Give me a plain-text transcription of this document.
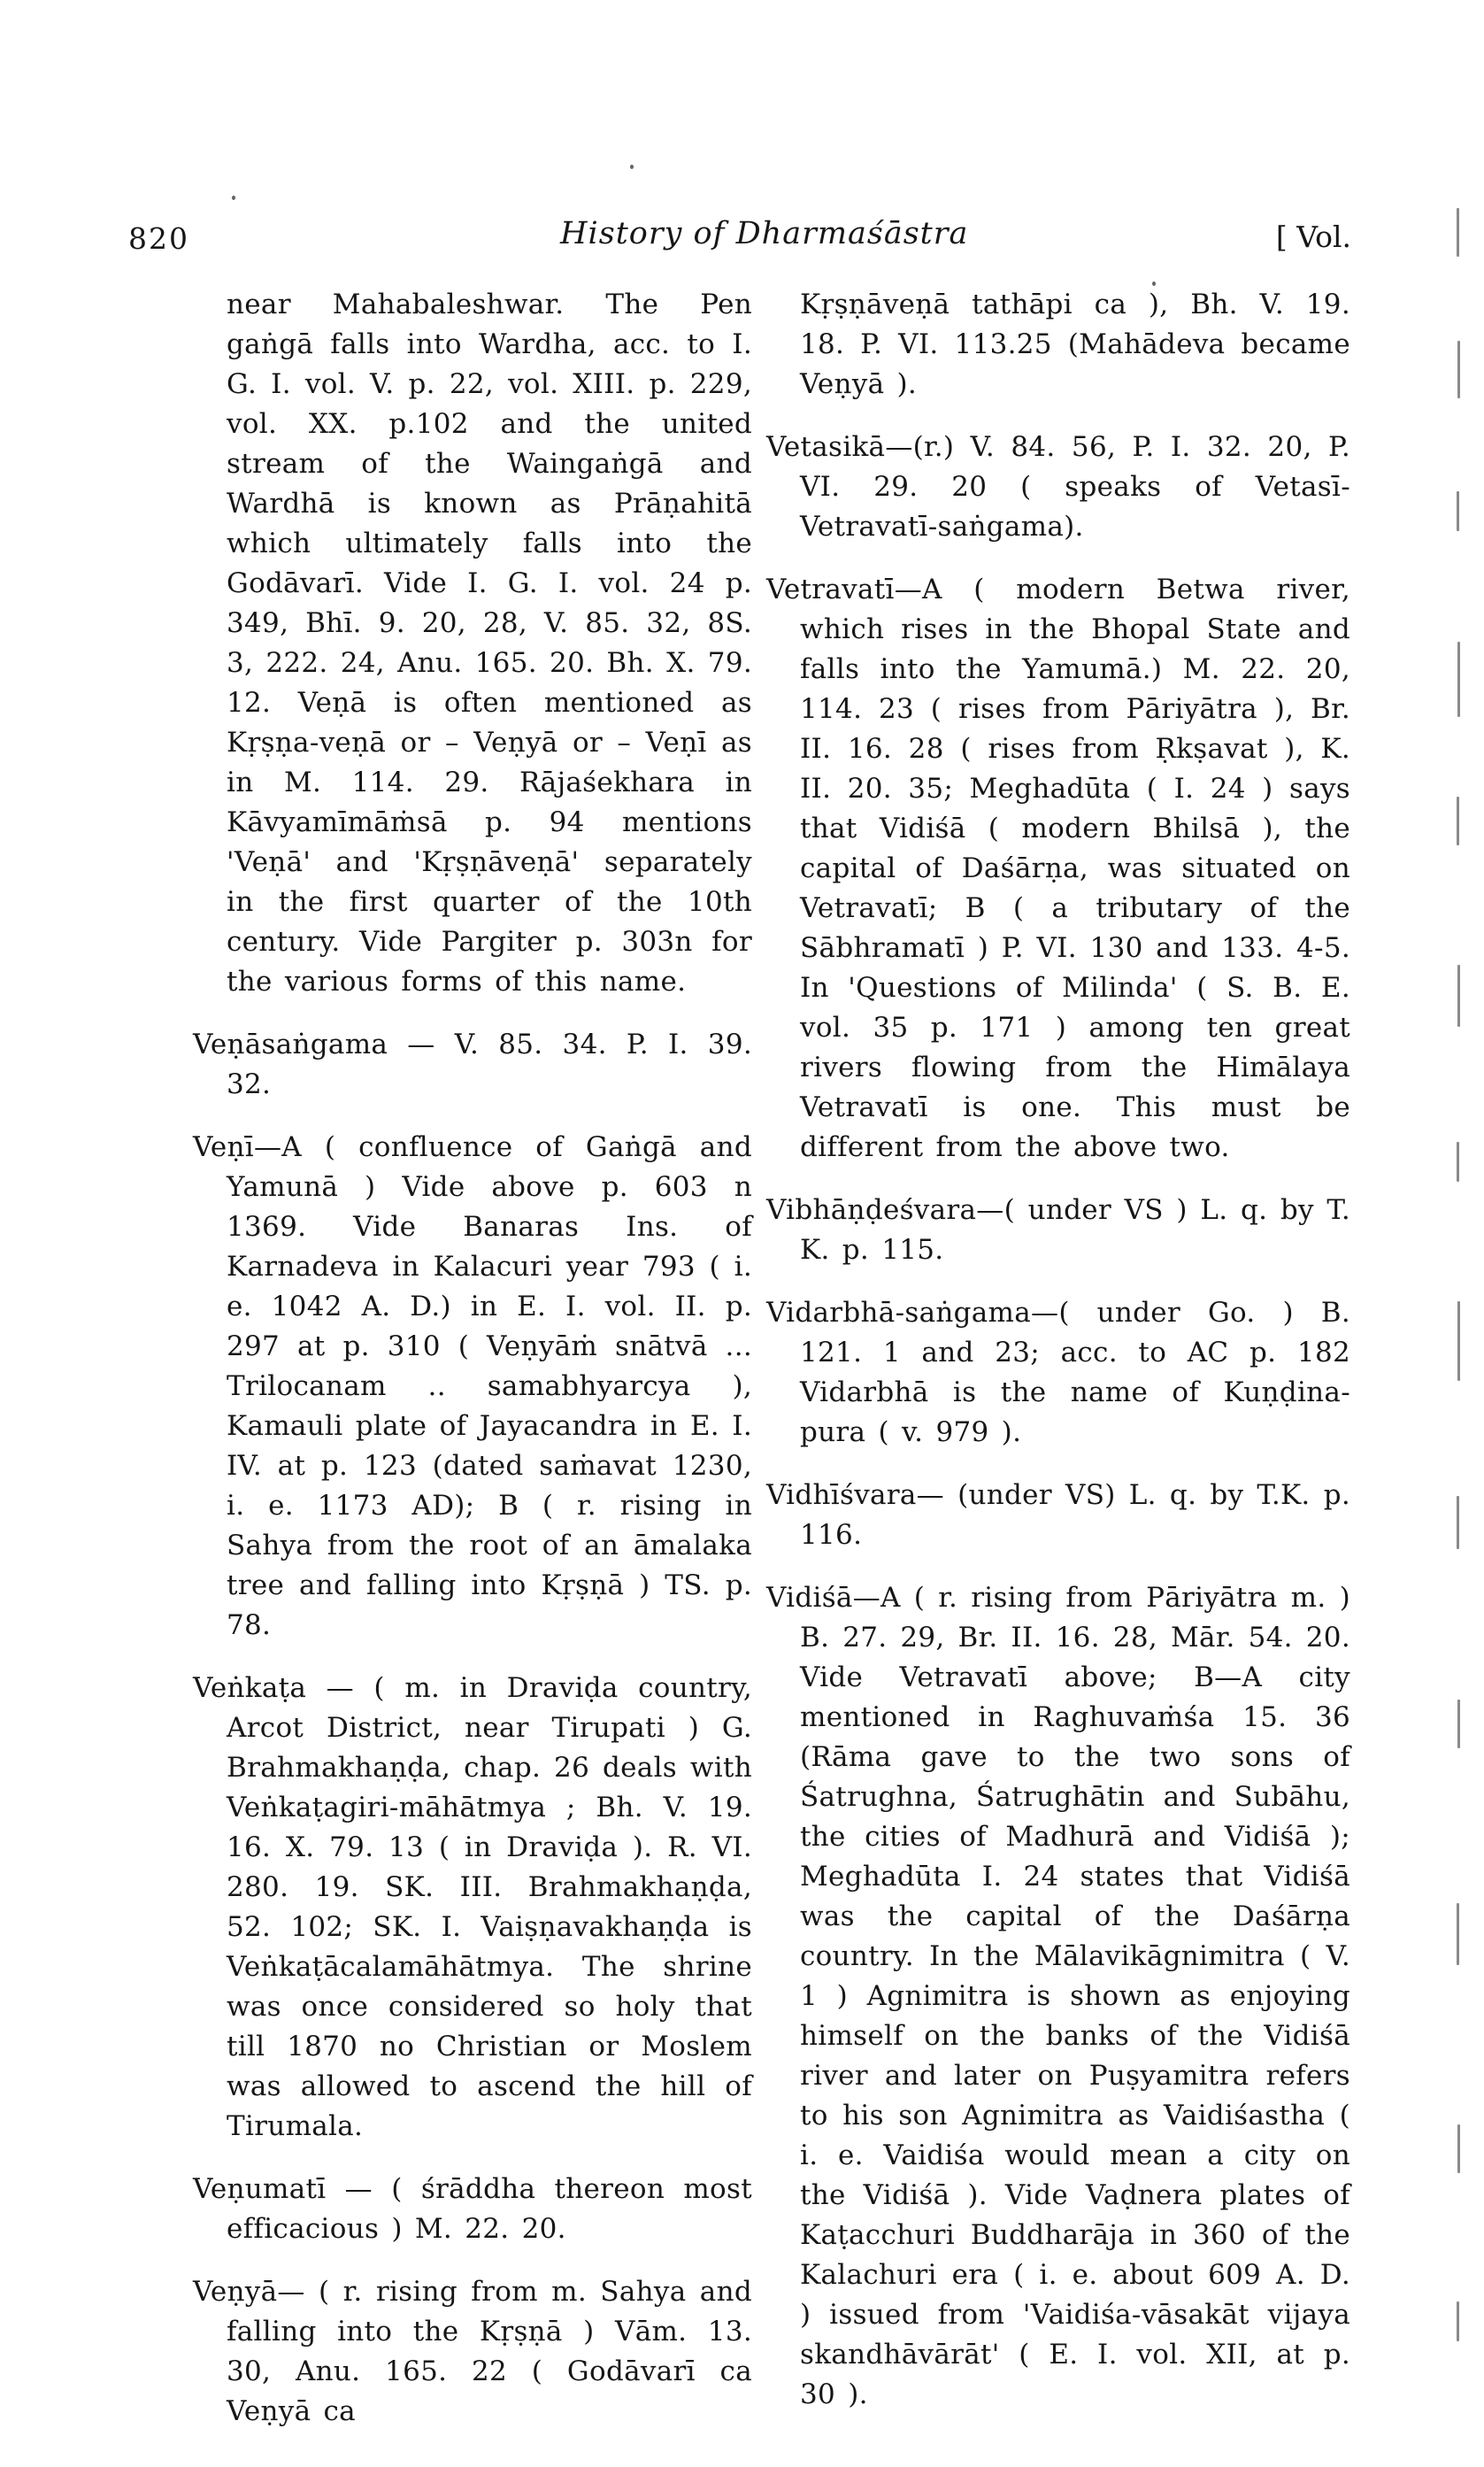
820	History of Dharmaśāstra	[ Vol.

near Mahabaleshwar. The Pen gaṅgā falls into Wardha, acc. to I. G. I. vol. V. p. 22, vol. XIII. p. 229, vol. XX. p.102 and the united stream of the Waingaṅgā and Wardhā is known as Prāṇahitā which ultimately falls into the Godāvarī. Vide I. G. I. vol. 24 p. 349, Bhī. 9. 20, 28, V. 85. 32, 8S. 3, 222. 24, Anu. 165. 20. Bh. X. 79. 12. Veṇā is often mentioned as Kṛṣṇa-veṇā or – Veṇyā or – Veṇī as in M. 114. 29. Rājaśekhara in Kāvyamīmāṁsā p. 94 mentions 'Veṇā' and 'Kṛṣṇāveṇā' separately in the first quarter of the 10th century. Vide Pargiter p. 303n for the various forms of this name.

Veṇāsaṅgama — V. 85. 34. P. I. 39. 32.

Veṇī—A ( confluence of Gaṅgā and Yamunā ) Vide above p. 603 n 1369. Vide Banaras Ins. of Karnadeva in Kalacuri year 793 ( i. e. 1042 A. D.) in E. I. vol. II. p. 297 at p. 310 ( Veṇyāṁ snātvā ... Trilocanam .. samabhyarcya ), Kamauli plate of Jayacandra in E. I. IV. at p. 123 (dated saṁavat 1230, i. e. 1173 AD); B ( r. rising in Sahya from the root of an āmalaka tree and falling into Kṛṣṇā ) TS. p. 78.

Veṅkaṭa — ( m. in Draviḍa country, Arcot District, near Tirupati ) G. Brahmakhaṇḍa, chap. 26 deals with Veṅkaṭagiri-māhātmya ; Bh. V. 19. 16. X. 79. 13 ( in Draviḍa ). R. VI. 280. 19. SK. III. Brahmakhaṇḍa, 52. 102; SK. I. Vaiṣṇavakhaṇḍa is Veṅkaṭācalamāhātmya. The shrine was once considered so holy that till 1870 no Christian or Moslem was allowed to ascend the hill of Tirumala.

Veṇumatī — ( śrāddha thereon most efficacious ) M. 22. 20.

Veṇyā— ( r. rising from m. Sahya and falling into the Kṛṣṇā ) Vām. 13. 30, Anu. 165. 22 ( Godāvarī ca Veṇyā ca

Kṛṣṇāveṇā tathāpi ca ), Bh. V. 19. 18. P. VI. 113.25 (Mahādeva became Veṇyā ).

Vetasikā—(r.) V. 84. 56, P. I. 32. 20, P. VI. 29. 20 ( speaks of Vetasī-Vetravatī-saṅgama).

Vetravatī—A ( modern Betwa river, which rises in the Bhopal State and falls into the Yamumā.) M. 22. 20, 114. 23 ( rises from Pāriyātra ), Br. II. 16. 28 ( rises from Ṛkṣavat ), K. II. 20. 35; Meghadūta ( I. 24 ) says that Vidiśā ( modern Bhilsā ), the capital of Daśārṇa, was situated on Vetravatī; B ( a tributary of the Sābhramatī ) P. VI. 130 and 133. 4-5. In 'Questions of Milinda' ( S. B. E. vol. 35 p. 171 ) among ten great rivers flowing from the Himālaya Vetravatī is one. This must be different from the above two.

Vibhāṇḍeśvara—( under VS ) L. q. by T. K. p. 115.

Vidarbhā-saṅgama—( under Go. ) B. 121. 1 and 23; acc. to AC p. 182 Vidarbhā is the name of Kuṇḍina-pura ( v. 979 ).

Vidhīśvara— (under VS) L. q. by T.K. p. 116.

Vidiśā—A ( r. rising from Pāriyātra m. ) B. 27. 29, Br. II. 16. 28, Mār. 54. 20. Vide Vetravatī above; B—A city mentioned in Raghuvaṁśa 15. 36 (Rāma gave to the two sons of Śatrughna, Śatrughātin and Subāhu, the cities of Madhurā and Vidiśā ); Meghadūta I. 24 states that Vidiśā was the capital of the Daśārṇa country. In the Mālavikāgnimitra ( V. 1 ) Agnimitra is shown as enjoying himself on the banks of the Vidiśā river and later on Puṣyamitra refers to his son Agnimitra as Vaidiśastha ( i. e. Vaidiśa would mean a city on the Vidiśā ). Vide Vaḍnera plates of Kaṭacchuri Buddharāja in 360 of the Kalachuri era ( i. e. about 609 A. D. ) issued from 'Vaidiśa-vāsakāt vijaya skandhāvārāt' ( E. I. vol. XII, at p. 30 ).
